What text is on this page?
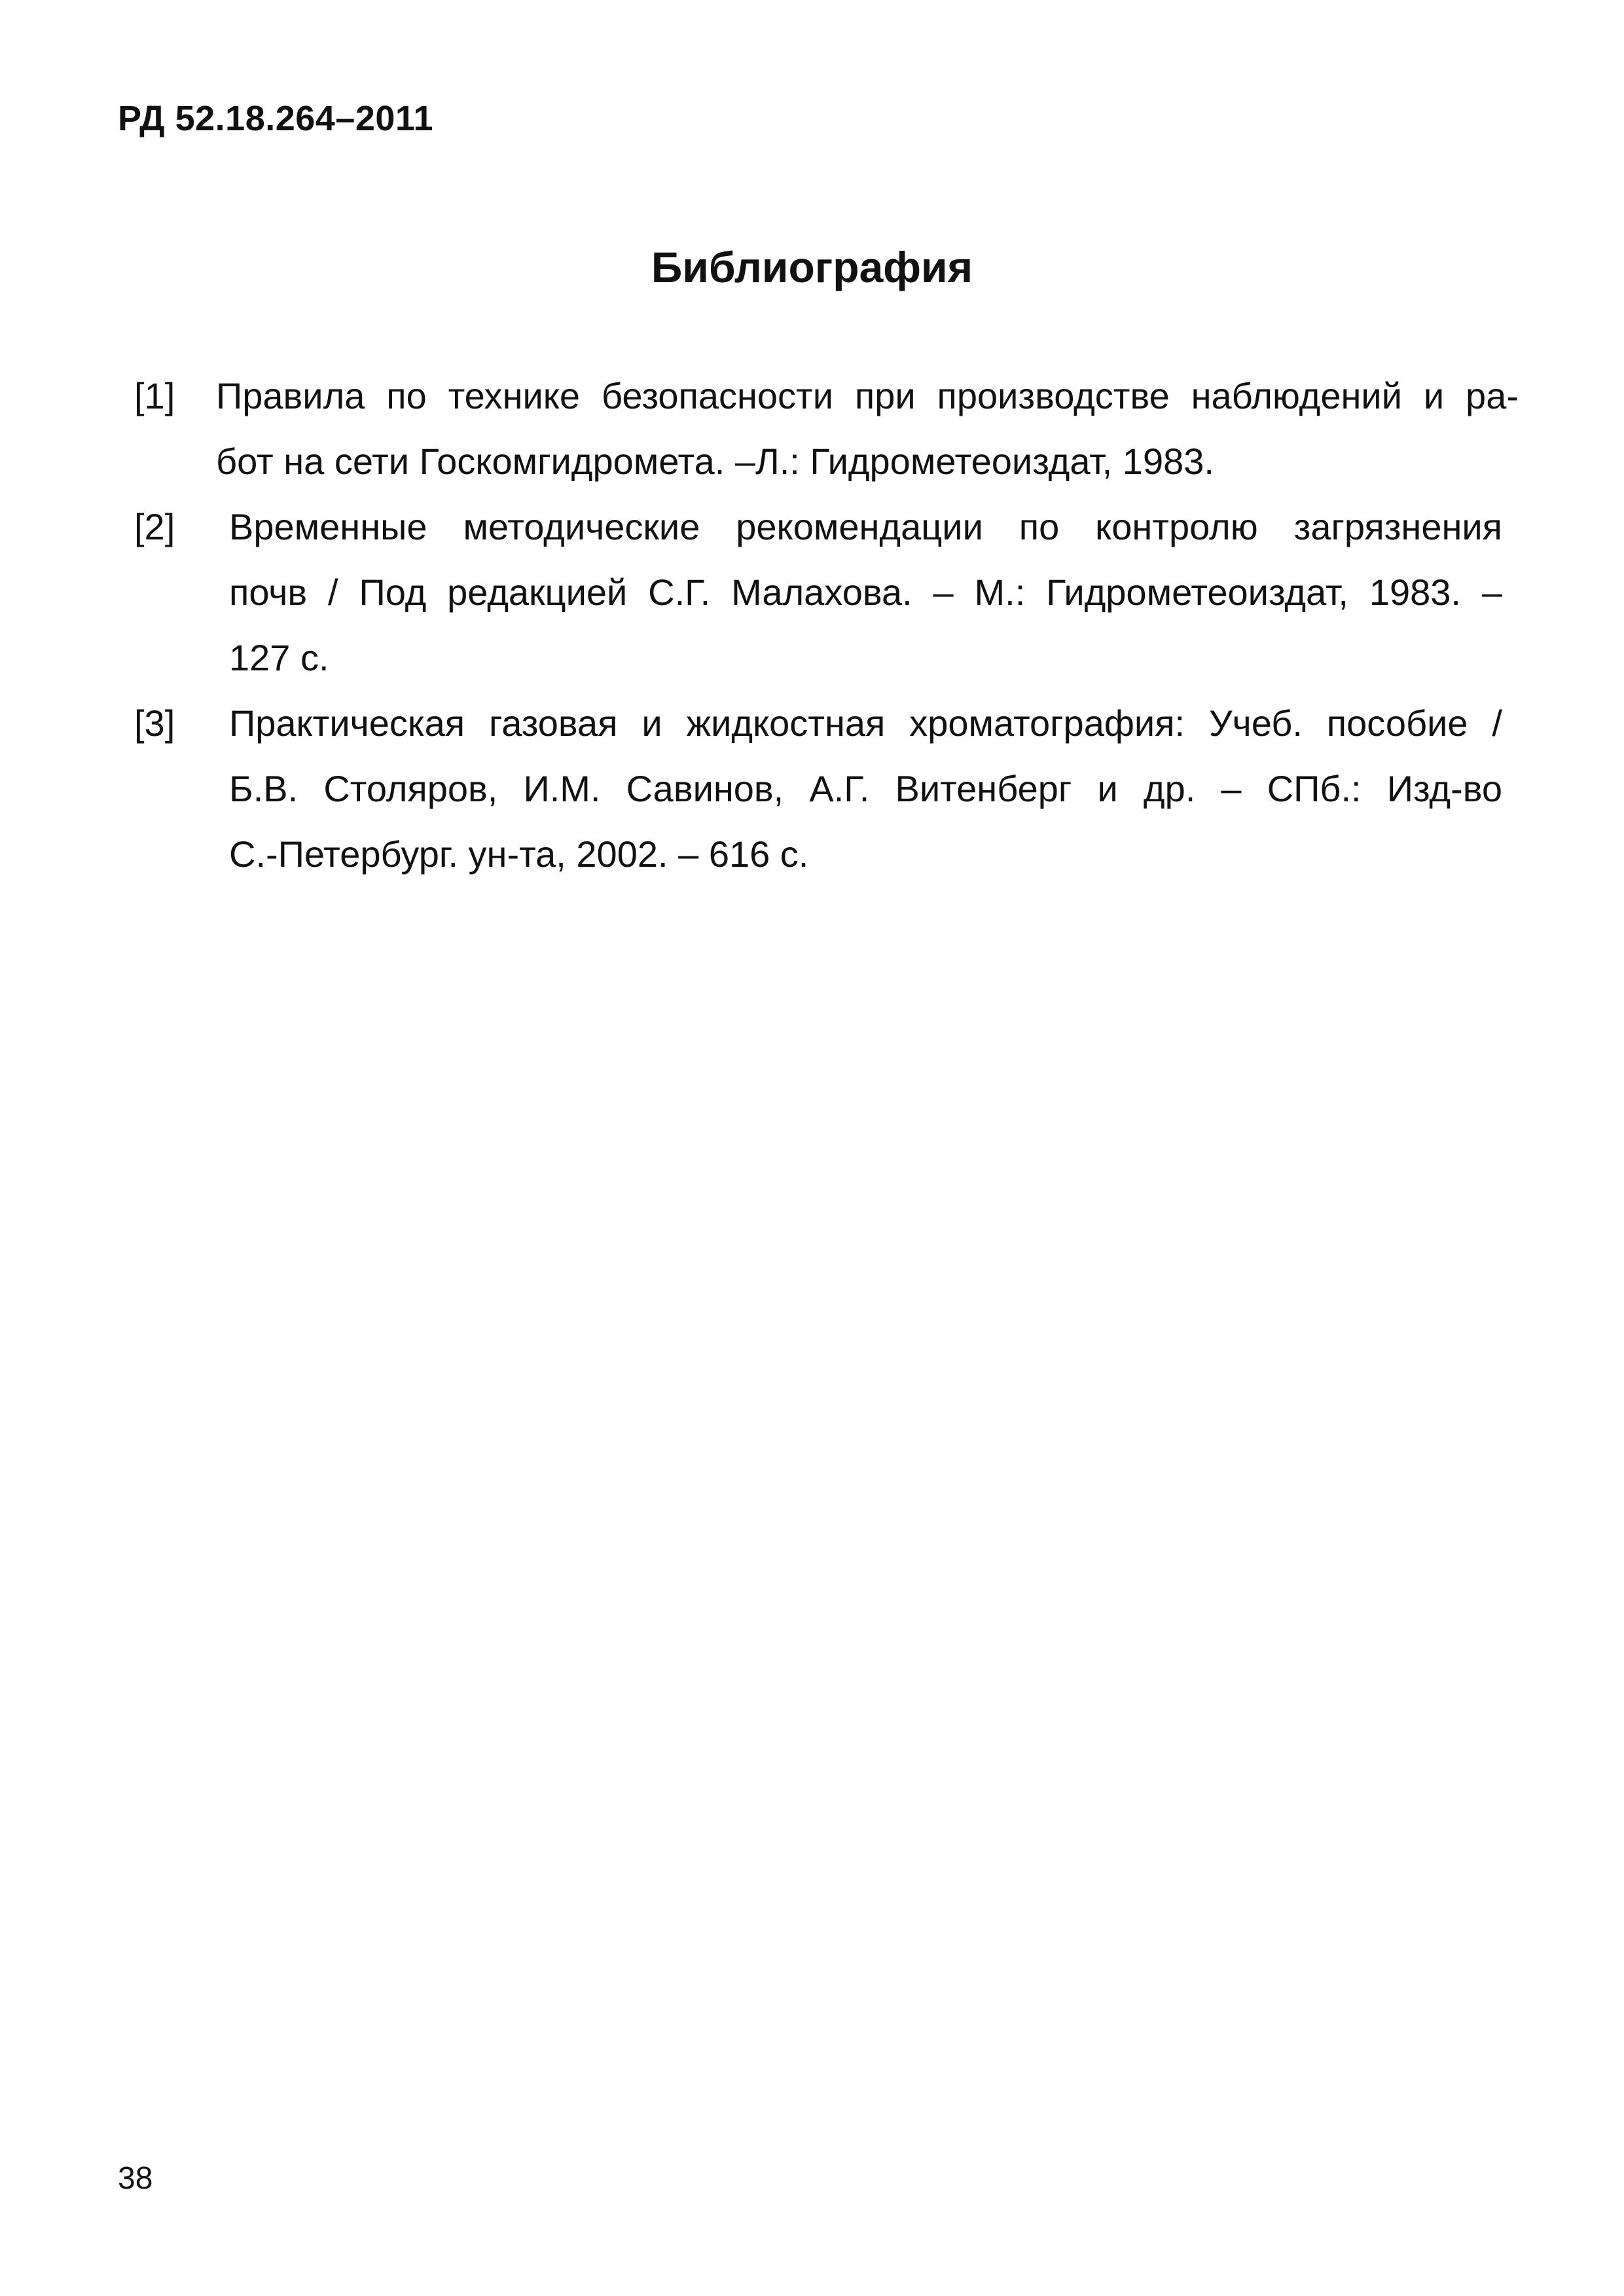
РД 52.18.264–2011
Библиография
[1] Правила по технике безопасности при производстве наблюдений и ра-
бот на сети Госкомгидромета. –Л.: Гидрометеоиздат, 1983.
[2] Временные методические рекомендации по контролю загрязнения
почв / Под редакцией С.Г. Малахова. – М.: Гидрометеоиздат, 1983. –
127 с.
[3] Практическая газовая и жидкостная хроматография: Учеб. пособие /
Б.В. Столяров, И.М. Савинов, А.Г. Витенберг и др. – СПб.: Изд-во
С.-Петербург. ун-та, 2002. – 616 с.
38
